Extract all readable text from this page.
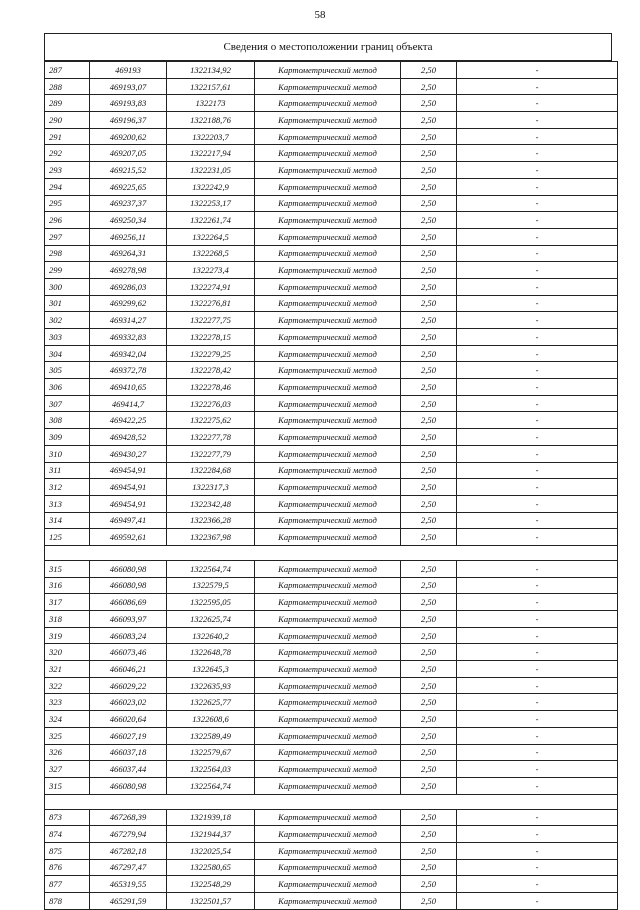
58
Сведения о местоположении границ объекта
287	469193	1322134,92	Картометрический метод	2,50	-
288	469193,07	1322157,61	Картометрический метод	2,50	-
289	469193,83	1322173	Картометрический метод	2,50	-
290	469196,37	1322188,76	Картометрический метод	2,50	-
291	469200,62	1322203,7	Картометрический метод	2,50	-
292	469207,05	1322217,94	Картометрический метод	2,50	-
293	469215,52	1322231,05	Картометрический метод	2,50	-
294	469225,65	1322242,9	Картометрический метод	2,50	-
295	469237,37	1322253,17	Картометрический метод	2,50	-
296	469250,34	1322261,74	Картометрический метод	2,50	-
297	469256,11	1322264,5	Картометрический метод	2,50	-
298	469264,31	1322268,5	Картометрический метод	2,50	-
299	469278,98	1322273,4	Картометрический метод	2,50	-
300	469286,03	1322274,91	Картометрический метод	2,50	-
301	469299,62	1322276,81	Картометрический метод	2,50	-
302	469314,27	1322277,75	Картометрический метод	2,50	-
303	469332,83	1322278,15	Картометрический метод	2,50	-
304	469342,04	1322279,25	Картометрический метод	2,50	-
305	469372,78	1322278,42	Картометрический метод	2,50	-
306	469410,65	1322278,46	Картометрический метод	2,50	-
307	469414,7	1322276,03	Картометрический метод	2,50	-
308	469422,25	1322275,62	Картометрический метод	2,50	-
309	469428,52	1322277,78	Картометрический метод	2,50	-
310	469430,27	1322277,79	Картометрический метод	2,50	-
311	469454,91	1322284,68	Картометрический метод	2,50	-
312	469454,91	1322317,3	Картометрический метод	2,50	-
313	469454,91	1322342,48	Картометрический метод	2,50	-
314	469497,41	1322366,28	Картометрический метод	2,50	-
125	469592,61	1322367,98	Картометрический метод	2,50	-

315	466080,98	1322564,74	Картометрический метод	2,50	-
316	466080,98	1322579,5	Картометрический метод	2,50	-
317	466086,69	1322595,05	Картометрический метод	2,50	-
318	466093,97	1322625,74	Картометрический метод	2,50	-
319	466083,24	1322640,2	Картометрический метод	2,50	-
320	466073,46	1322648,78	Картометрический метод	2,50	-
321	466046,21	1322645,3	Картометрический метод	2,50	-
322	466029,22	1322635,93	Картометрический метод	2,50	-
323	466023,02	1322625,77	Картометрический метод	2,50	-
324	466020,64	1322608,6	Картометрический метод	2,50	-
325	466027,19	1322589,49	Картометрический метод	2,50	-
326	466037,18	1322579,67	Картометрический метод	2,50	-
327	466037,44	1322564,03	Картометрический метод	2,50	-
315	466080,98	1322564,74	Картометрический метод	2,50	-

873	467268,39	1321939,18	Картометрический метод	2,50	-
874	467279,94	1321944,37	Картометрический метод	2,50	-
875	467282,18	1322025,54	Картометрический метод	2,50	-
876	467297,47	1322580,65	Картометрический метод	2,50	-
877	465319,55	1322548,29	Картометрический метод	2,50	-
878	465291,59	1322501,57	Картометрический метод	2,50	-
